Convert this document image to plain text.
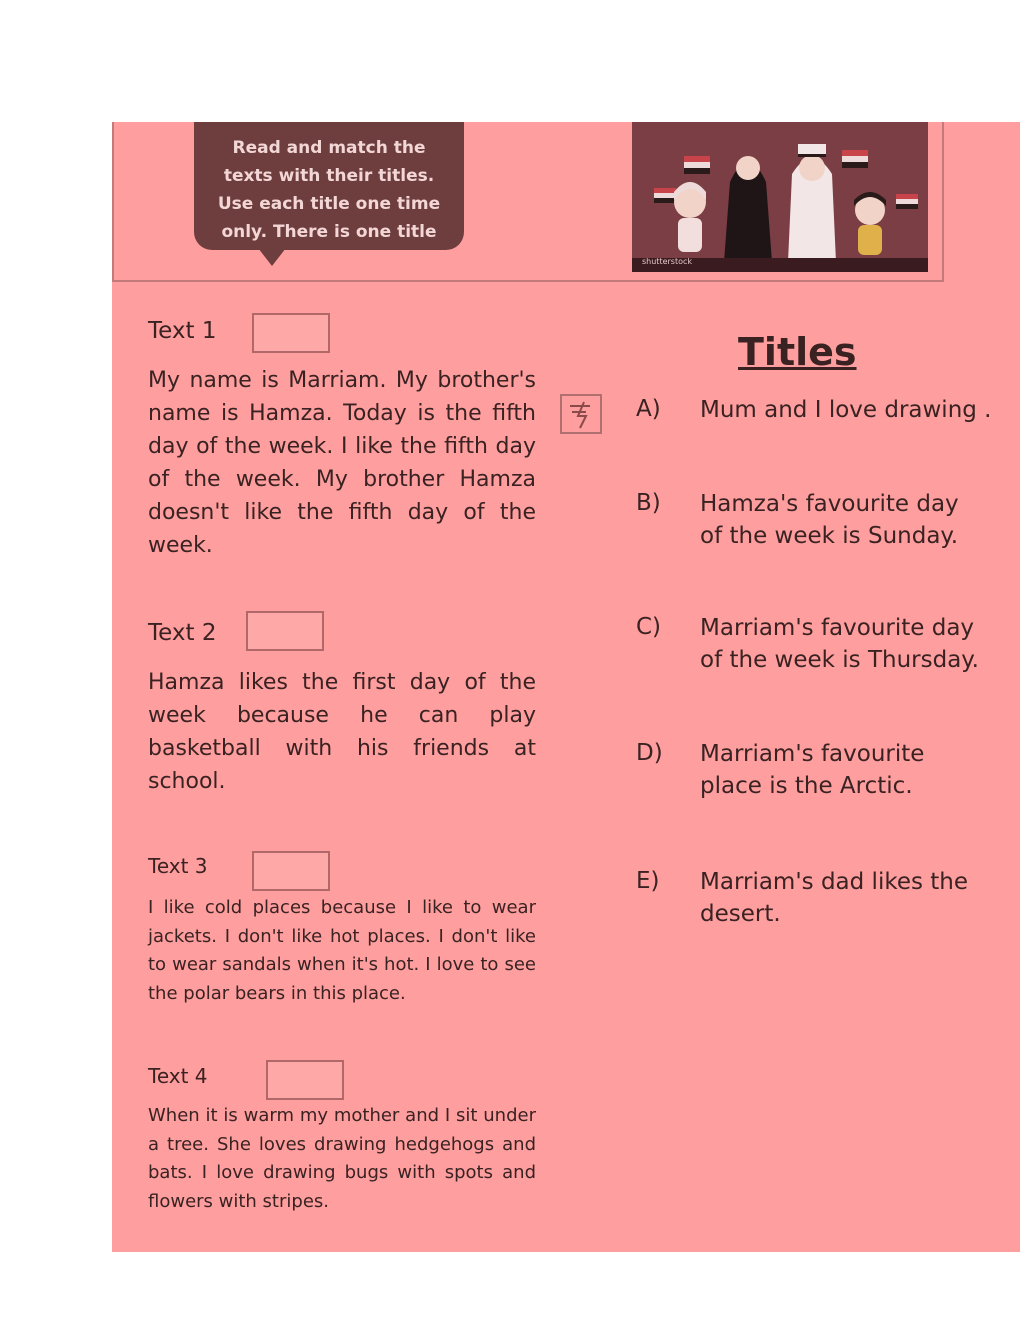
Read and match the
texts with their titles.
Use each title one time
only. There is one title
shutterstock
Text 1
My name is Marriam. My brother's name is Hamza. Today is the fifth day of the week. I like the fifth day of the week. My brother Hamza doesn't like the fifth day of the week.
Text 2
Hamza likes the first day of the week because he can play basketball with his friends at school.
Text 3
I like cold places because I like to wear jackets. I don't like hot places. I don't like to wear sandals when it's hot. I love to see the polar bears in this place.
Text 4
When it is warm my mother and I sit under a tree. She loves drawing hedgehogs and bats. I love drawing bugs with spots and flowers with stripes.
Titles
A) Mum and I love drawing .
B) Hamza's favourite day of the week is Sunday.
C) Marriam's favourite day of the week is Thursday.
D) Marriam's favourite place is the Arctic.
E) Marriam's dad likes the desert.
